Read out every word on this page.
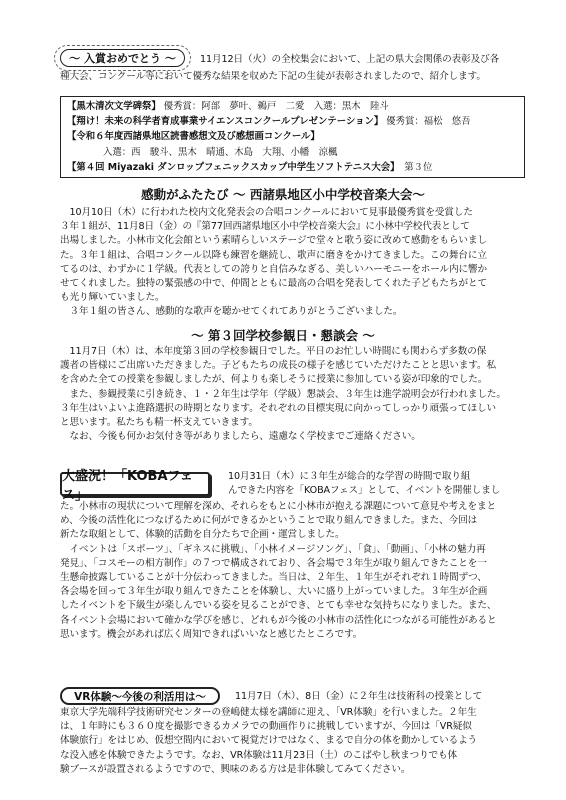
～ 入賞おめでとう ～	11月12日（火）の全校集会において、上記の県大会関係の表彰及び各
種大会、コンクール等において優秀な結果を収めた下記の生徒が表彰されましたので、紹介します。
【黒木清次文学碑祭】 優秀賞：阿部　夢叶、鵜戸　二愛　入選：黒木　陸斗
【翔け！未来の科学者育成事業サイエンスコンクールプレゼンテーション】 優秀賞：福松　悠吾
【令和６年度西諸県地区読書感想文及び感想画コンクール】
入選：西　駿斗、黒木　晴通、木島　大翔、小幡　涼楓
【第４回 Miyazaki ダンロップフェニックスカップ中学生ソフトテニス大会】　 第３位
感動がふたたび ～ 西諸県地区小中学校音楽大会～

　10月10日（木）に行われた校内文化発表会の合唱コンクールにおいて見事最優秀賞を受賞した

３年１組が、11月8日（金）の『第77回西諸県地区小中学校音楽大会』に小林中学校代表として

出場しました。小林市文化会館という素晴らしいステージで堂々と歌う姿に改めて感動をもらいまし

た。３年１組は、合唱コンクール以降も練習を継続し、歌声に磨きをかけてきました。この舞台に立

てるのは、わずかに１学級。代表としての誇りと自信みなぎる、美しいハーモニーをホール内に響か

せてくれました。独特の緊張感の中で、仲間とともに最高の合唱を発表してくれた子どもたちがとて

も光り輝いていました。

　３年１組の皆さん、感動的な歌声を聴かせてくれてありがとうございました。

～ 第３回学校参観日・懇談会 ～

　11月7日（木）は、本年度第３回の学校参観日でした。平日のお忙しい時間にも関わらず多数の保

護者の皆様にご出席いただきました。子どもたちの成長の様子を感じていただけたことと思います。私

を含めた全ての授業を参観しましたが、何よりも楽しそうに授業に参加している姿が印象的でした。

　また、参観授業に引き続き、１・２年生は学年（学級）懇談会、３年生は進学説明会が行われました。

３年生はいよいよ進路選択の時期となります。それぞれの目標実現に向かってしっかり頑張ってほしい

と思います。私たちも精一杯支えていきます。

　なお、今後も何かお気付き等がありましたら、遠慮なく学校までご連絡ください。

大盛況！「KOBAフェス」
10月31日（木）に３年生が総合的な学習の時間で取り組
んできた内容を「KOBAフェス」として、イベントを開催しまし

た。小林市の現状について理解を深め、それらをもとに小林市が抱える課題について意見や考えをまと

め、今後の活性化につなげるために何ができるかということで取り組んできました。また、今回は

新たな取組として、体験的活動を自分たちで企画・運営しました。

　イベントは「スポーツ」、「ギネスに挑戦」、「小林イメージソング」、「食」、「動画」、「小林の魅力再

発見」、「コスモーの相方制作」の７つで構成されており、各会場で３年生が取り組んできたことを一

生懸命披露していることが十分伝わってきました。当日は、２年生、１年生がそれぞれ１時間ずつ、

各会場を回って３年生が取り組んできたことを体験し、大いに盛り上がっていました。３年生が企画

したイベントを下級生が楽しんでいる姿を見ることができ、とても幸せな気持ちになりました。また、

各イベント会場において確かな学びを感じ、どれもが今後の小林市の活性化につながる可能性があると

思います。機会があれば広く周知できればいいなと感じたところです。

VR体験～今後の利活用は～	11月7日（木）、8日（金）に２年生は技術科の授業として

東京大学先端科学技術研究センターの登嶋健太様を講師に迎え、「VR体験」を行いました。２年生

は、１年時にも３６０度を撮影できるカメラでの動画作りに挑戦していますが、今回は「VR疑似

体験旅行」をはじめ、仮想空間内において視覚だけではなく、まるで自分の体を動かしているよう

な没入感を体験できたようです。なお、VR体験は11月23日（土）のこばやし秋まつりでも体

験ブースが設置されるようですので、興味のある方は是非体験してみてください。
